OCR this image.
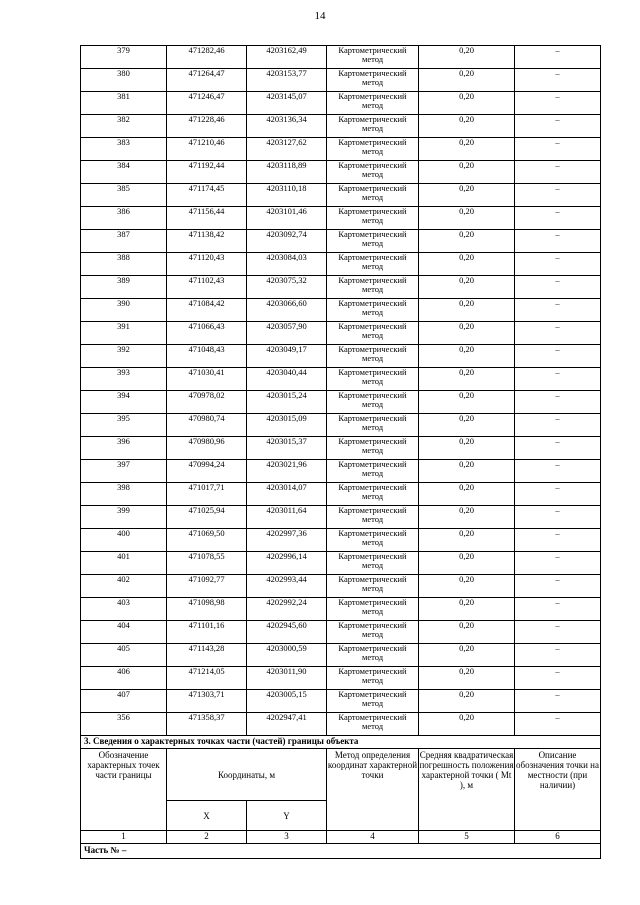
14
379	471282,46	4203162,49	Картометрический метод	0,20	–
380	471264,47	4203153,77	Картометрический метод	0,20	–
381	471246,47	4203145,07	Картометрический метод	0,20	–
382	471228,46	4203136,34	Картометрический метод	0,20	–
383	471210,46	4203127,62	Картометрический метод	0,20	–
384	471192,44	4203118,89	Картометрический метод	0,20	–
385	471174,45	4203110,18	Картометрический метод	0,20	–
386	471156,44	4203101,46	Картометрический метод	0,20	–
387	471138,42	4203092,74	Картометрический метод	0,20	–
388	471120,43	4203084,03	Картометрический метод	0,20	–
389	471102,43	4203075,32	Картометрический метод	0,20	–
390	471084,42	4203066,60	Картометрический метод	0,20	–
391	471066,43	4203057,90	Картометрический метод	0,20	–
392	471048,43	4203049,17	Картометрический метод	0,20	–
393	471030,41	4203040,44	Картометрический метод	0,20	–
394	470978,02	4203015,24	Картометрический метод	0,20	–
395	470980,74	4203015,09	Картометрический метод	0,20	–
396	470980,96	4203015,37	Картометрический метод	0,20	–
397	470994,24	4203021,96	Картометрический метод	0,20	–
398	471017,71	4203014,07	Картометрический метод	0,20	–
399	471025,94	4203011,64	Картометрический метод	0,20	–
400	471069,50	4202997,36	Картометрический метод	0,20	–
401	471078,55	4202996,14	Картометрический метод	0,20	–
402	471092,77	4202993,44	Картометрический метод	0,20	–
403	471098,98	4202992,24	Картометрический метод	0,20	–
404	471101,16	4202945,60	Картометрический метод	0,20	–
405	471143,28	4203000,59	Картометрический метод	0,20	–
406	471214,05	4203011,90	Картометрический метод	0,20	–
407	471303,71	4203005,15	Картометрический метод	0,20	–
356	471358,37	4202947,41	Картометрический метод	0,20	–
3. Сведения о характерных точках части (частей) границы объекта					
Обозначение характерных точек части границы	Координаты, м		Метод определения координат характерной точки	Средняя квадратическая погрешность положения характерной точки ( Mt ), м	Описание обозначения точки на местности (при наличии)
	X	Y			
1	2	3	4	5	6
Часть № –					
